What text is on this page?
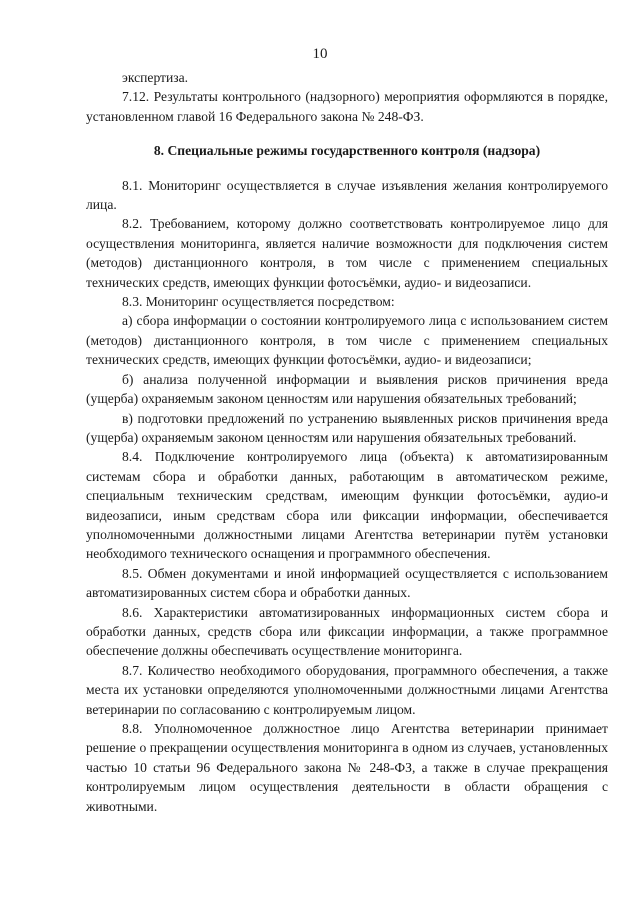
10

экспертиза.

7.12. Результаты контрольного (надзорного) мероприятия оформляются в порядке, установленном главой 16 Федерального закона № 248-ФЗ.

8. Специальные режимы государственного контроля (надзора)

8.1. Мониторинг осуществляется в случае изъявления желания контролируемого лица.

8.2. Требованием, которому должно соответствовать контролируемое лицо для осуществления мониторинга, является наличие возможности для подключения систем (методов) дистанционного контроля, в том числе с применением специальных технических средств, имеющих функции фотосъёмки, аудио- и видеозаписи.

8.3. Мониторинг осуществляется посредством:

а) сбора информации о состоянии контролируемого лица с использованием систем (методов) дистанционного контроля, в том числе с применением специальных технических средств, имеющих функции фотосъёмки, аудио- и видеозаписи;

б) анализа полученной информации и выявления рисков причинения вреда (ущерба) охраняемым законом ценностям или нарушения обязательных требований;

в) подготовки предложений по устранению выявленных рисков причинения вреда (ущерба) охраняемым законом ценностям или нарушения обязательных требований.

8.4. Подключение контролируемого лица (объекта) к автоматизированным системам сбора и обработки данных, работающим в автоматическом режиме, специальным техническим средствам, имеющим функции фотосъёмки, аудио-и видеозаписи, иным средствам сбора или фиксации информации, обеспечивается уполномоченными должностными лицами Агентства ветеринарии путём установки необходимого технического оснащения и программного обеспечения.

8.5. Обмен документами и иной информацией осуществляется с использованием автоматизированных систем сбора и обработки данных.

8.6. Характеристики автоматизированных информационных систем сбора и обработки данных, средств сбора или фиксации информации, а также программное обеспечение должны обеспечивать осуществление мониторинга.

8.7. Количество необходимого оборудования, программного обеспечения, а также места их установки определяются уполномоченными должностными лицами Агентства ветеринарии по согласованию с контролируемым лицом.

8.8. Уполномоченное должностное лицо Агентства ветеринарии принимает решение о прекращении осуществления мониторинга в одном из случаев, установленных частью 10 статьи 96 Федерального закона № 248-ФЗ, а также в случае прекращения контролируемым лицом осуществления деятельности в области обращения с животными.
